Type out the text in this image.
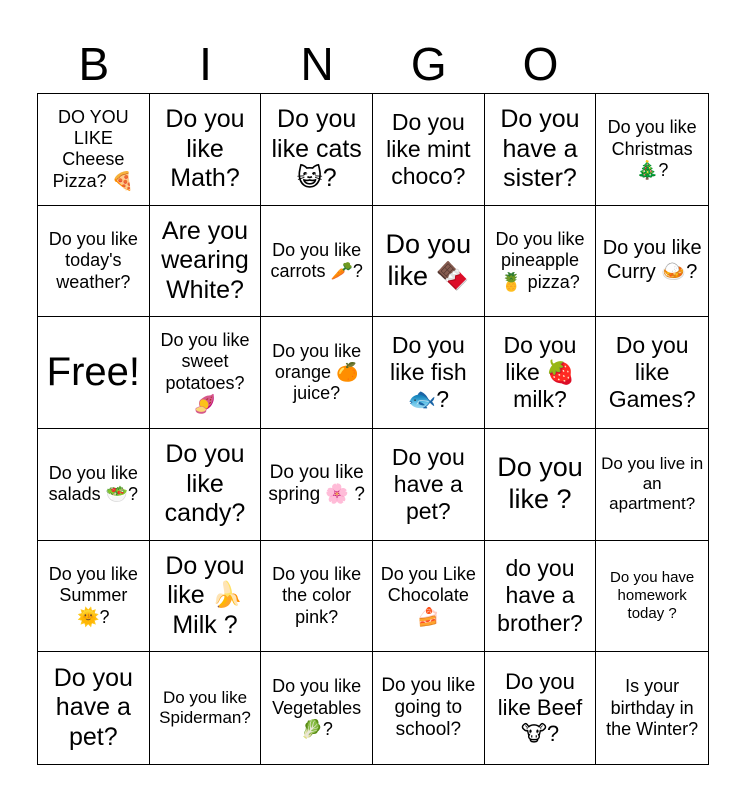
B	I	N	G	O
DO YOU LIKE Cheese Pizza? 🍕
Do you like Math?
Do you like cats 😺?
Do you like mint choco?
Do you have a sister?
Do you like Christmas 🎄?
Do you like today's weather?
Are you wearing White?
Do you like carrots 🥕?
Do you like 🍫
Do you like pineapple 🍍 pizza?
Do you like Curry 🍛?
Free!
Do you like sweet potatoes? 🍠
Do you like orange 🍊 juice?
Do you like fish 🐟?
Do you like 🍓 milk?
Do you like Games?
Do you like salads 🥗?
Do you like candy?
Do you like spring 🌸 ?
Do you have a pet?
Do you like ?
Do you live in an apartment?
Do you like Summer 🌞?
Do you like 🍌 Milk ?
Do you like the color pink?
Do you Like Chocolate 🍰
do you have a brother?
Do you have homework today ?
Do you have a pet?
Do you like Spiderman?
Do you like Vegetables 🥬?
Do you like going to school?
Do you like Beef 🐮?
Is your birthday in the Winter?
